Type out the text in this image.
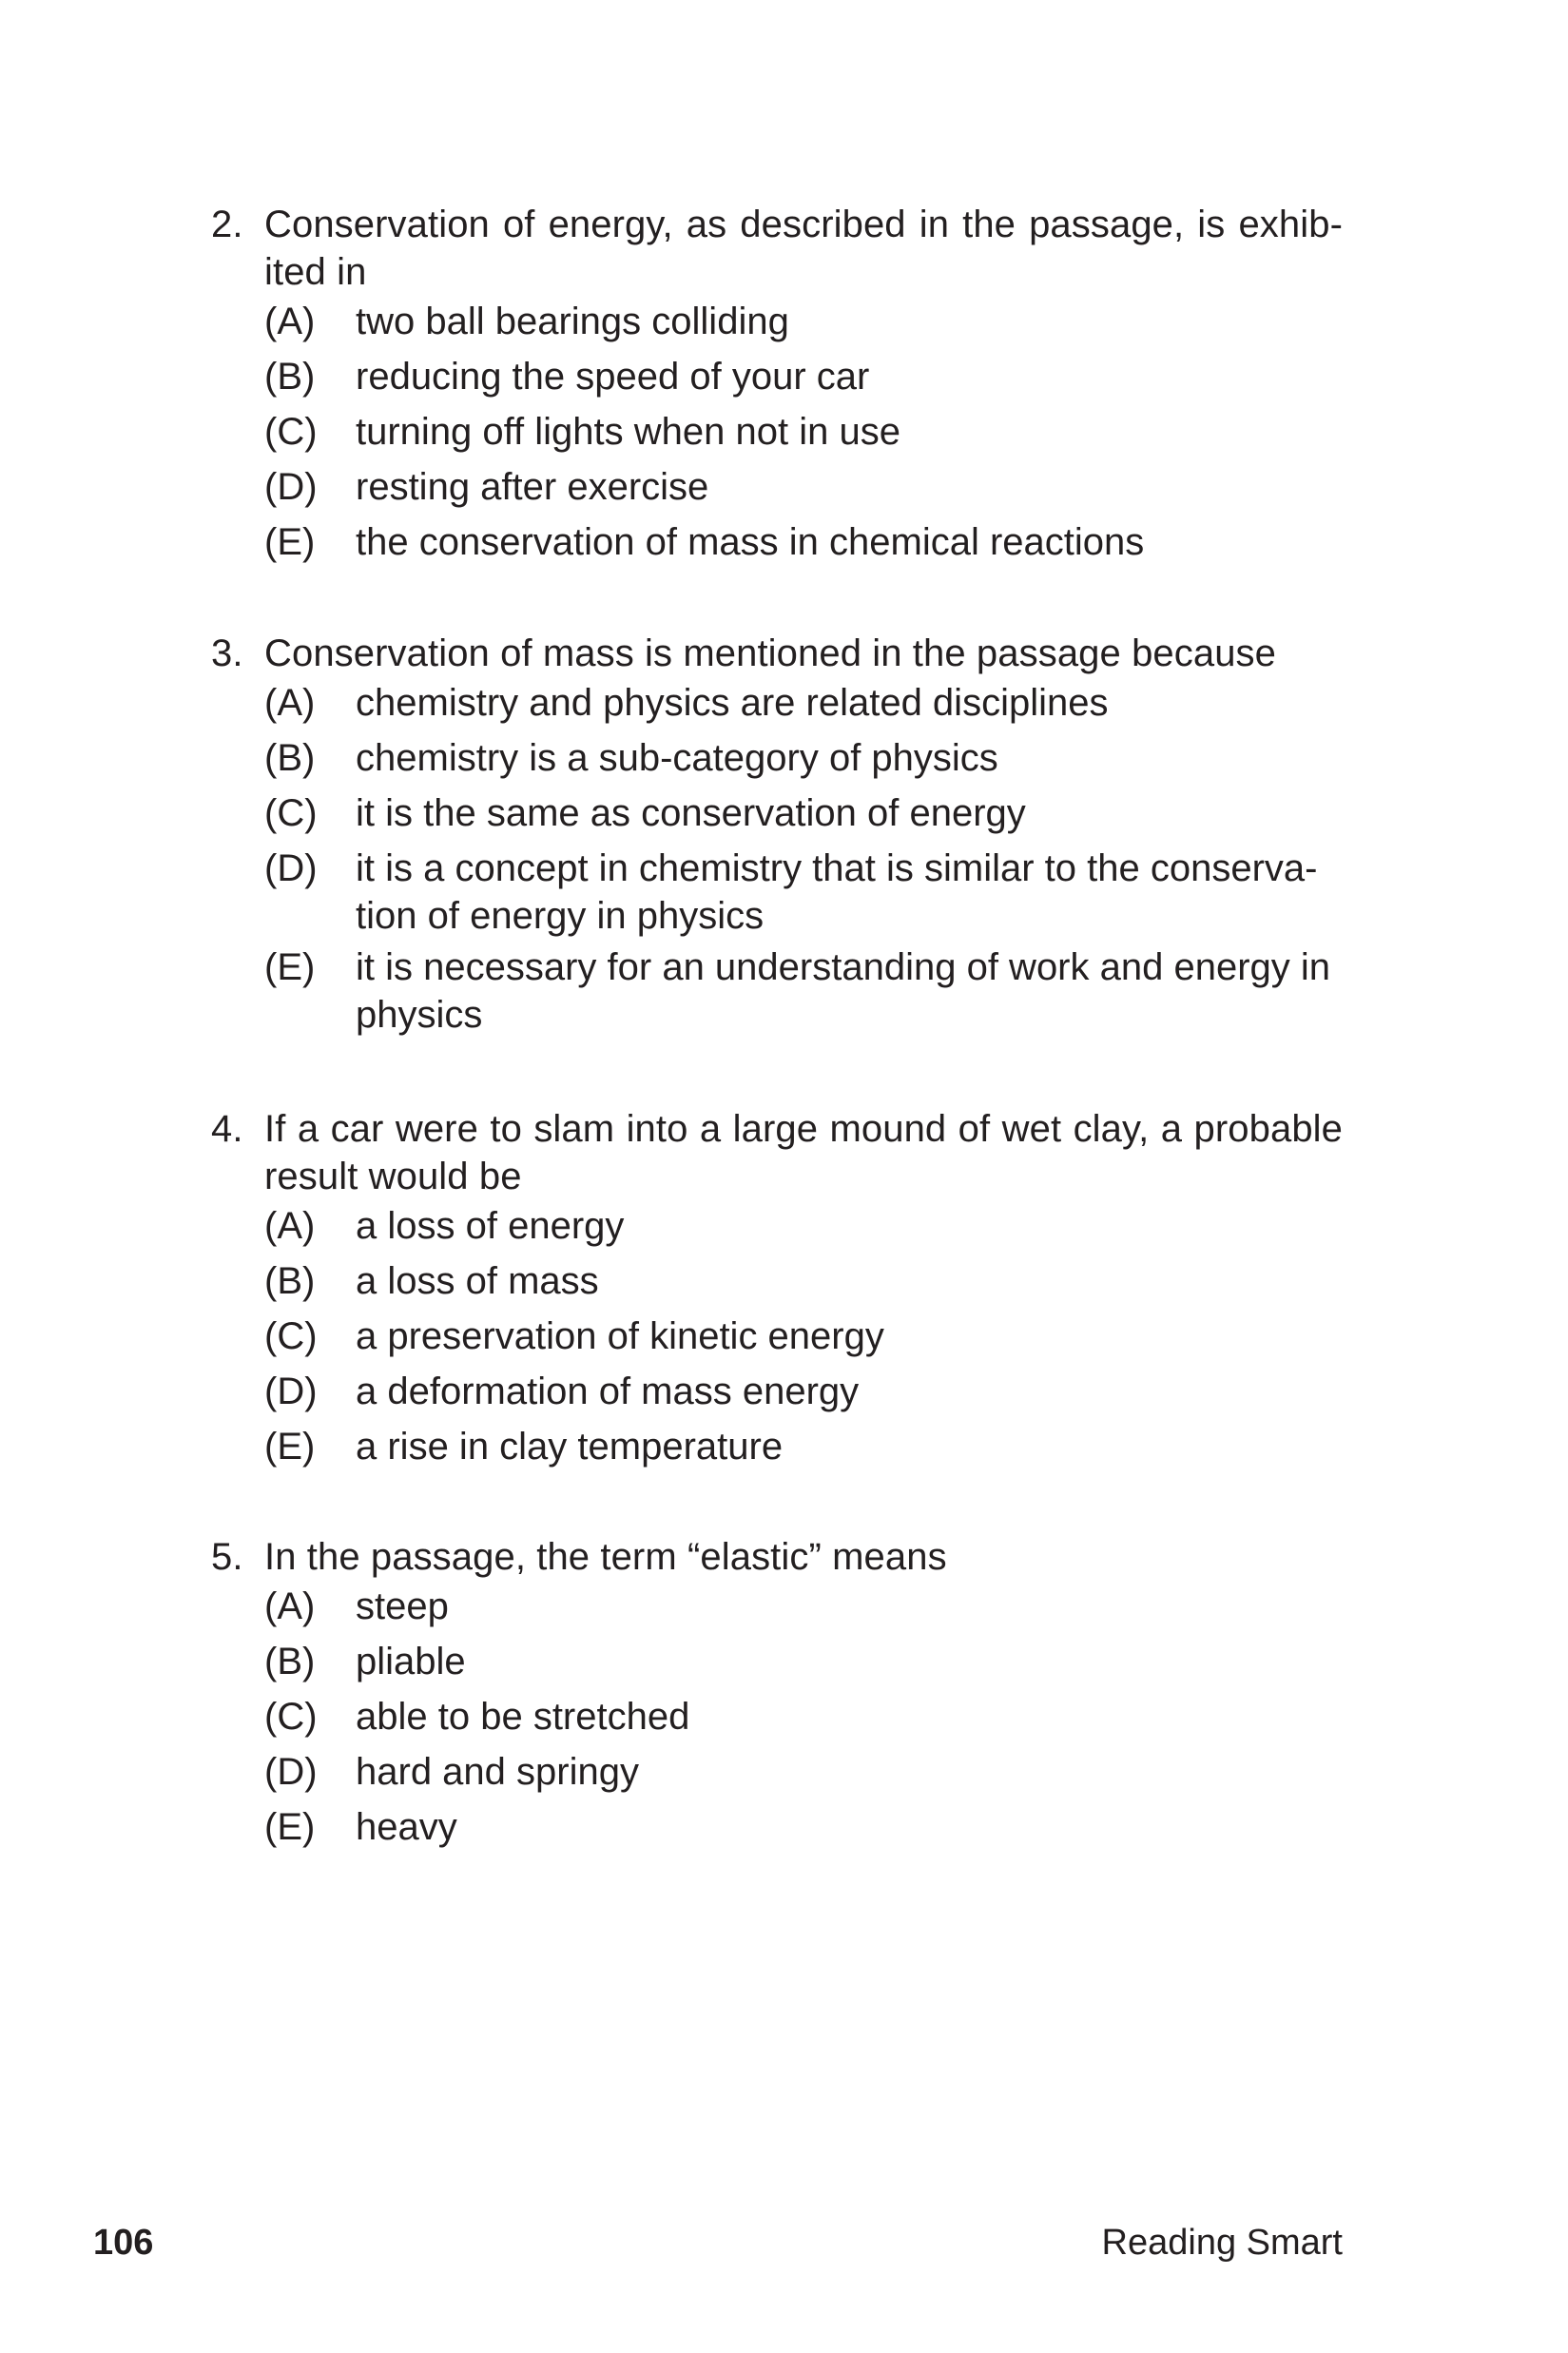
2. Conservation of energy, as described in the passage, is exhib-ited in
(A) two ball bearings colliding
(B) reducing the speed of your car
(C) turning off lights when not in use
(D) resting after exercise
(E) the conservation of mass in chemical reactions
3. Conservation of mass is mentioned in the passage because
(A) chemistry and physics are related disciplines
(B) chemistry is a sub-category of physics
(C) it is the same as conservation of energy
(D) it is a concept in chemistry that is similar to the conserva-tion of energy in physics
(E) it is necessary for an understanding of work and energy in physics
4. If a car were to slam into a large mound of wet clay, a probable result would be
(A) a loss of energy
(B) a loss of mass
(C) a preservation of kinetic energy
(D) a deformation of mass energy
(E) a rise in clay temperature
5. In the passage, the term “elastic” means
(A) steep
(B) pliable
(C) able to be stretched
(D) hard and springy
(E) heavy
106	Reading Smart
